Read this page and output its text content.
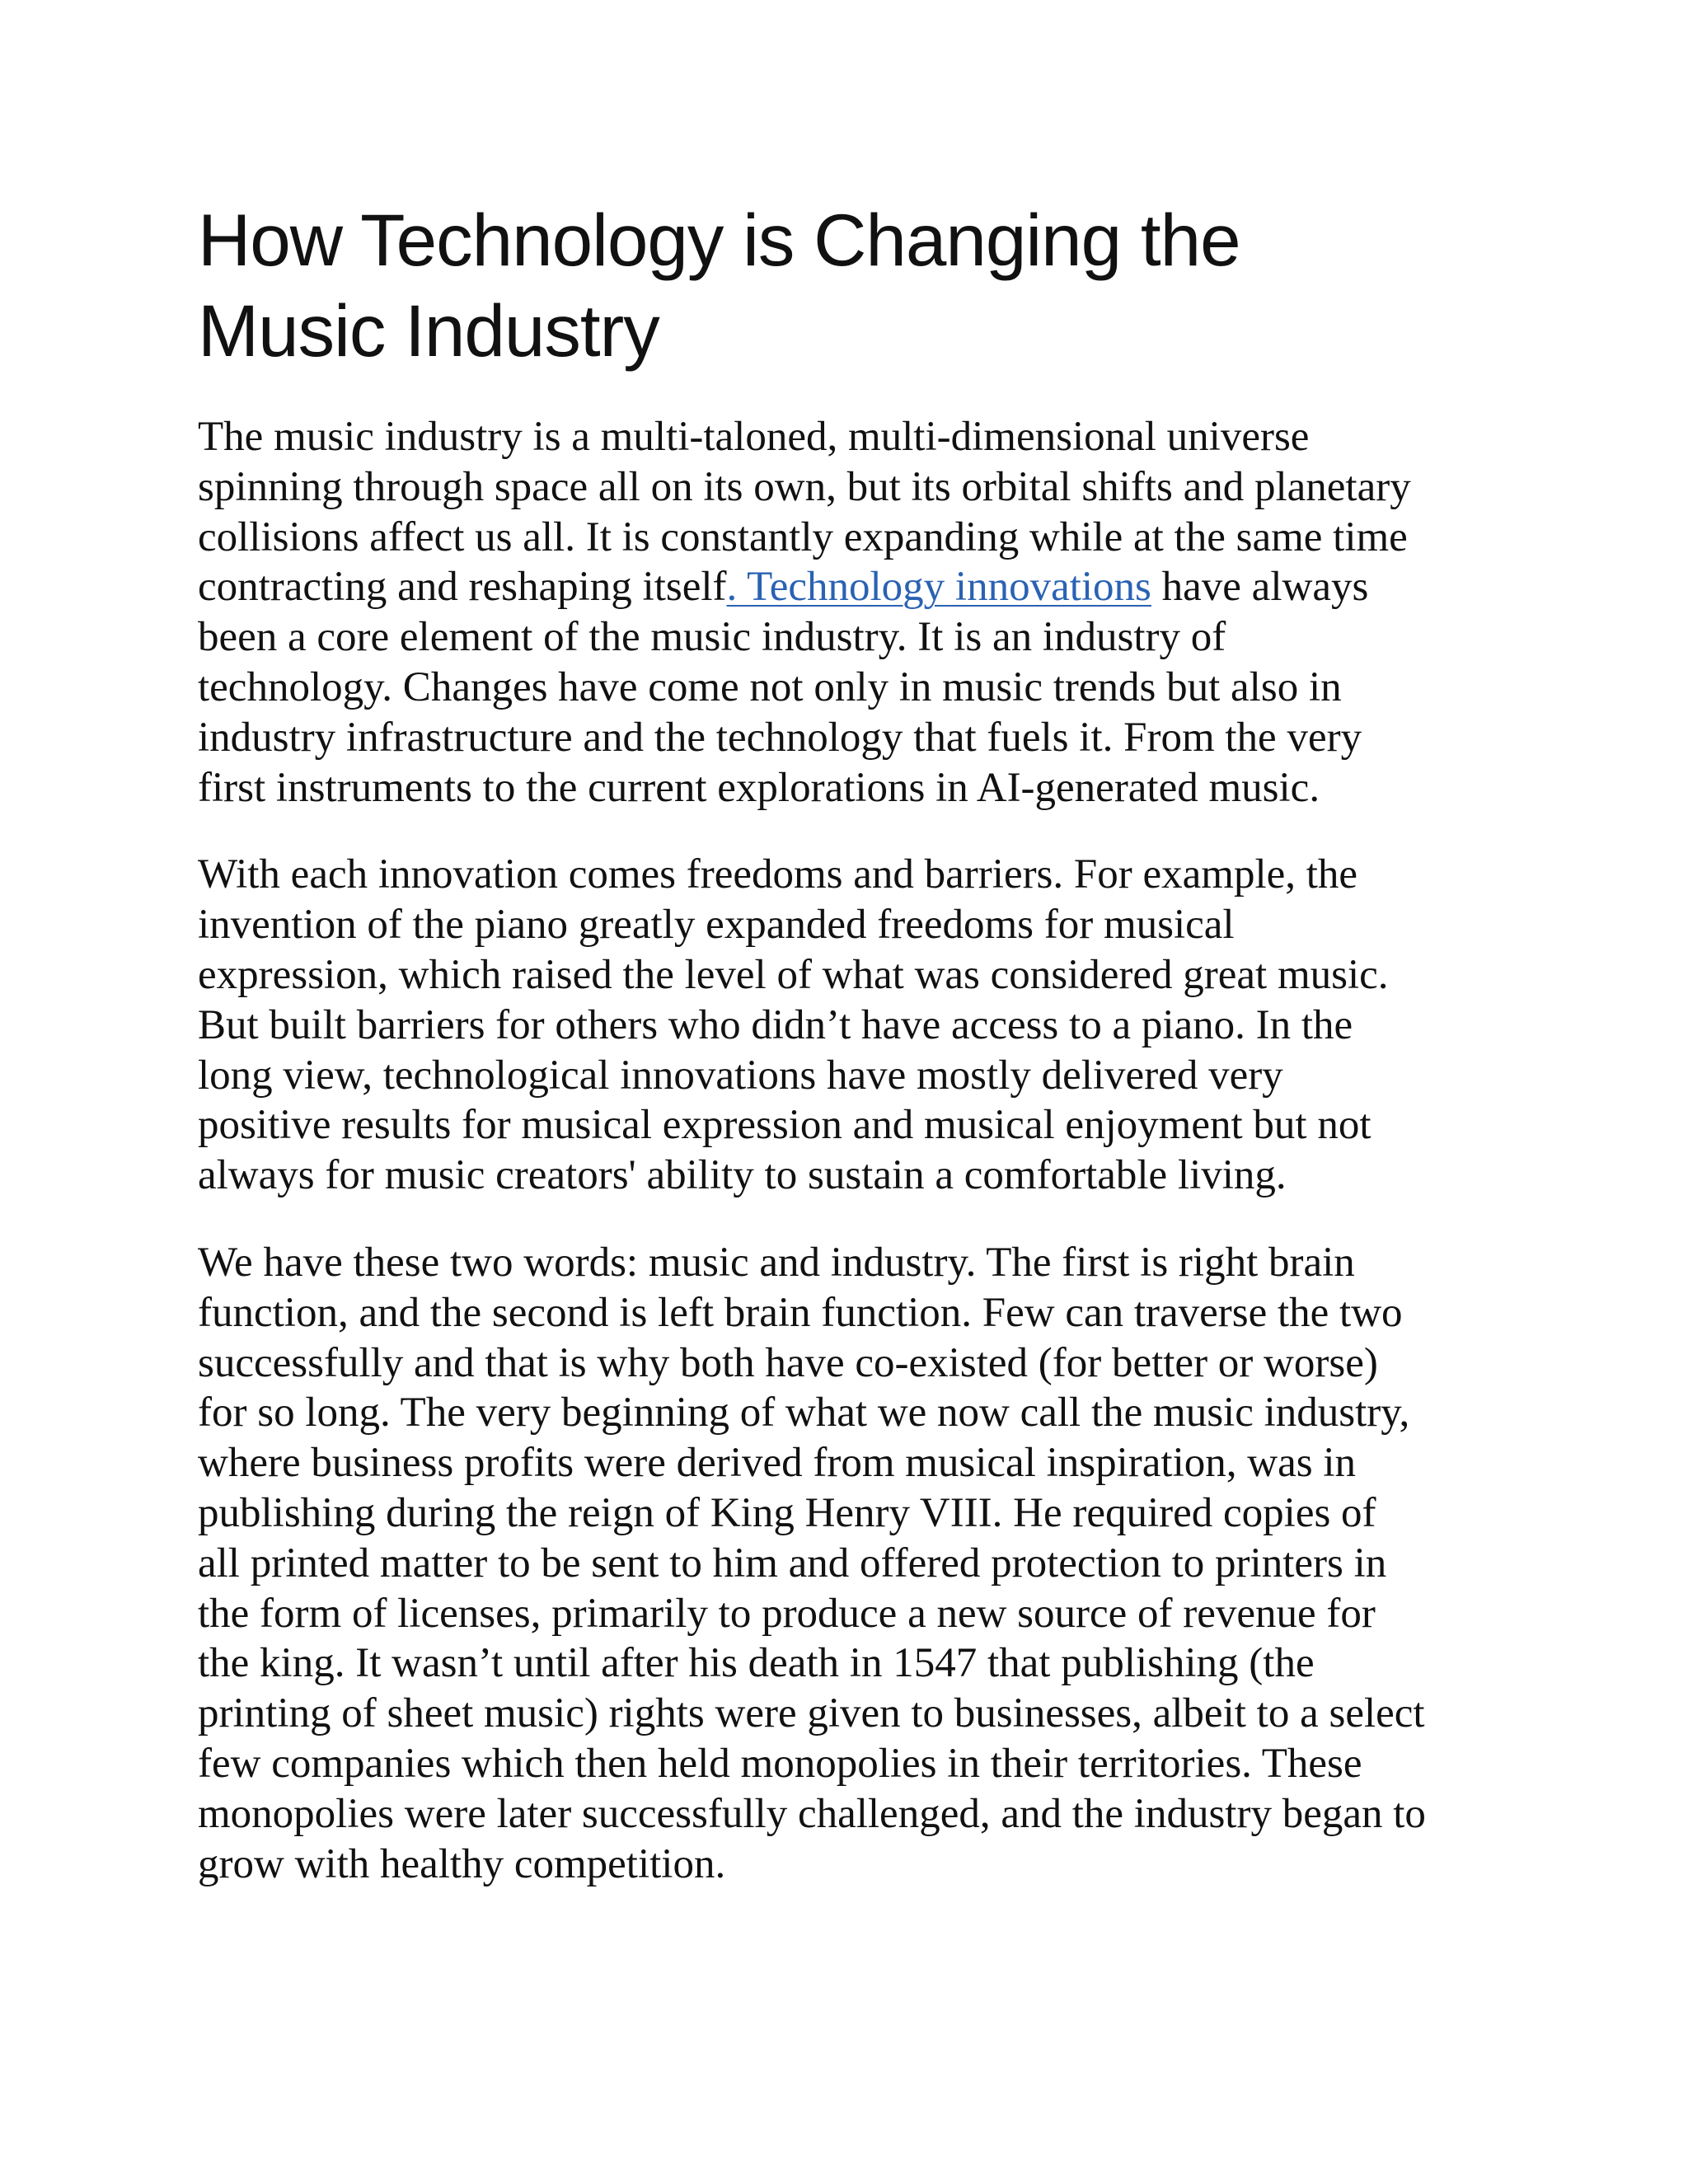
How Technology is Changing the
Music Industry

The music industry is a multi-taloned, multi-dimensional universe
spinning through space all on its own, but its orbital shifts and planetary
collisions affect us all. It is constantly expanding while at the same time
contracting and reshaping itself. Technology innovations have always
been a core element of the music industry. It is an industry of
technology. Changes have come not only in music trends but also in
industry infrastructure and the technology that fuels it. From the very
first instruments to the current explorations in AI-generated music.

With each innovation comes freedoms and barriers. For example, the
invention of the piano greatly expanded freedoms for musical
expression, which raised the level of what was considered great music.
But built barriers for others who didn’t have access to a piano. In the
long view, technological innovations have mostly delivered very
positive results for musical expression and musical enjoyment but not
always for music creators' ability to sustain a comfortable living.

We have these two words: music and industry. The first is right brain
function, and the second is left brain function. Few can traverse the two
successfully and that is why both have co-existed (for better or worse)
for so long. The very beginning of what we now call the music industry,
where business profits were derived from musical inspiration, was in
publishing during the reign of King Henry VIII. He required copies of
all printed matter to be sent to him and offered protection to printers in
the form of licenses, primarily to produce a new source of revenue for
the king. It wasn’t until after his death in 1547 that publishing (the
printing of sheet music) rights were given to businesses, albeit to a select
few companies which then held monopolies in their territories. These
monopolies were later successfully challenged, and the industry began to
grow with healthy competition.
